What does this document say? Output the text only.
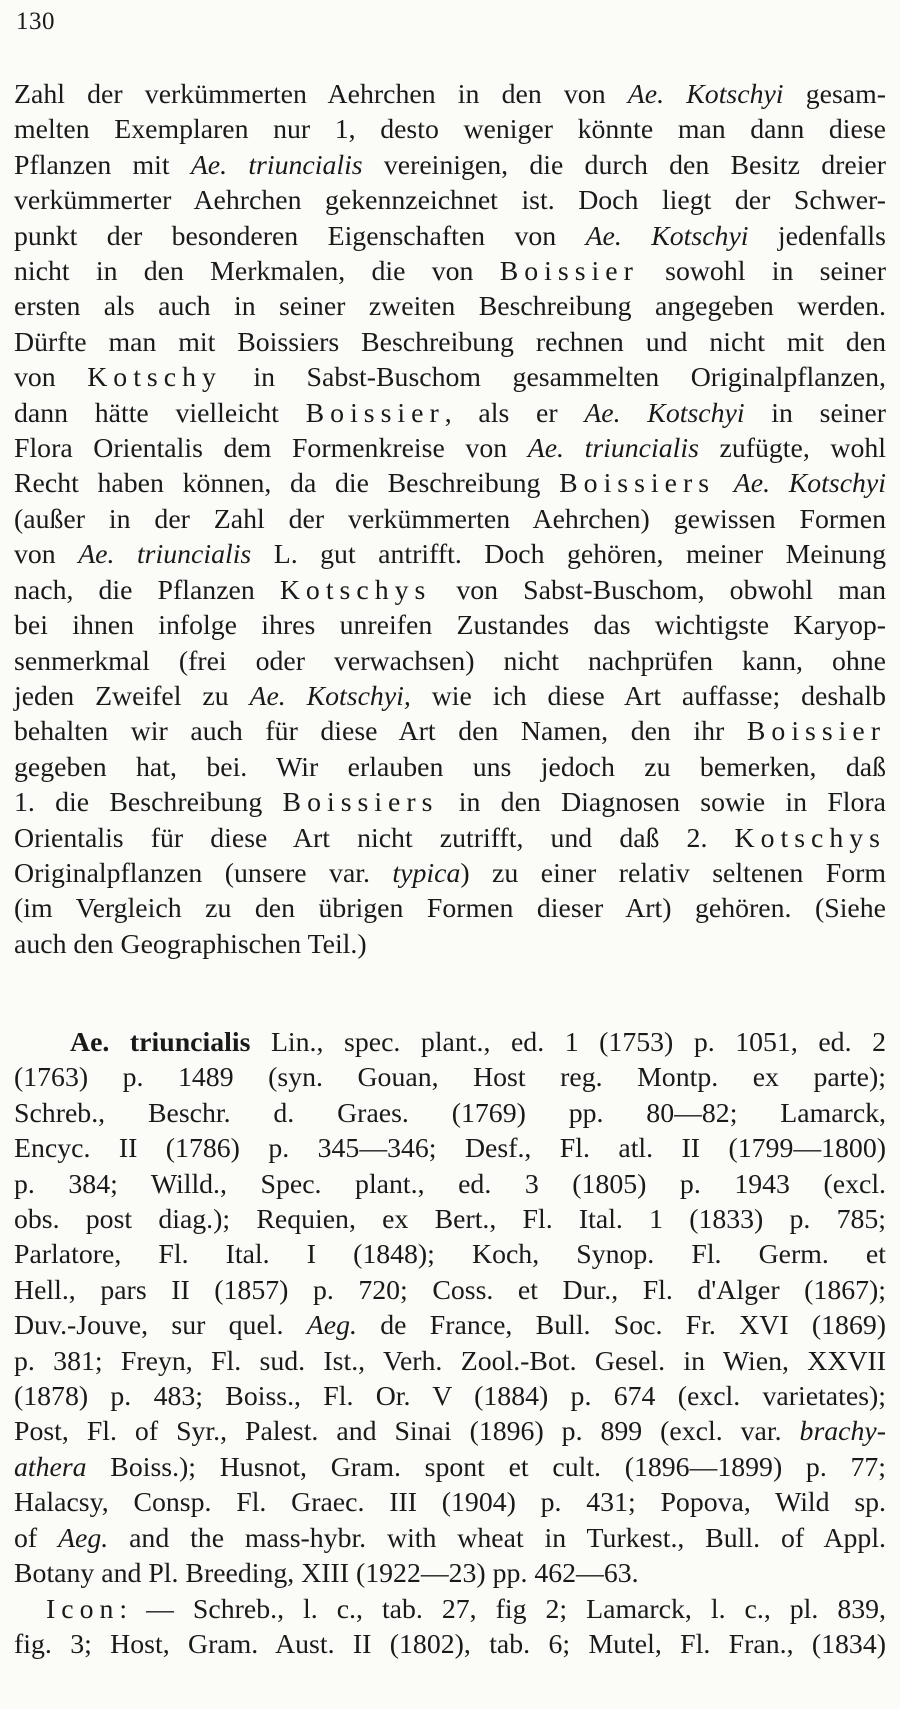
130
Zahl der verkümmerten Aehrchen in den von Ae. Kotschyi gesam-
melten Exemplaren nur 1, desto weniger könnte man dann diese
Pflanzen mit Ae. triuncialis vereinigen, die durch den Besitz dreier
verkümmerter Aehrchen gekennzeichnet ist. Doch liegt der Schwer-
punkt der besonderen Eigenschaften von Ae. Kotschyi jedenfalls
nicht in den Merkmalen, die von Boissier sowohl in seiner
ersten als auch in seiner zweiten Beschreibung angegeben werden.
Dürfte man mit Boissiers Beschreibung rechnen und nicht mit den
von Kotschy in Sabst-Buschom gesammelten Originalpflanzen,
dann hätte vielleicht Boissier, als er Ae. Kotschyi in seiner
Flora Orientalis dem Formenkreise von Ae. triuncialis zufügte, wohl
Recht haben können, da die Beschreibung Boissiers Ae. Kotschyi
(außer in der Zahl der verkümmerten Aehrchen) gewissen Formen
von Ae. triuncialis L. gut antrifft. Doch gehören, meiner Meinung
nach, die Pflanzen Kotschys von Sabst-Buschom, obwohl man
bei ihnen infolge ihres unreifen Zustandes das wichtigste Karyop-
senmerkmal (frei oder verwachsen) nicht nachprüfen kann, ohne
jeden Zweifel zu Ae. Kotschyi, wie ich diese Art auffasse; deshalb
behalten wir auch für diese Art den Namen, den ihr Boissier
gegeben hat, bei. Wir erlauben uns jedoch zu bemerken, daß
1. die Beschreibung Boissiers in den Diagnosen sowie in Flora
Orientalis für diese Art nicht zutrifft, und daß 2. Kotschys
Originalpflanzen (unsere var. typica) zu einer relativ seltenen Form
(im Vergleich zu den übrigen Formen dieser Art) gehören. (Siehe
auch den Geographischen Teil.)
Ae. triuncialis Lin., spec. plant., ed. 1 (1753) p. 1051, ed. 2
(1763) p. 1489 (syn. Gouan, Host reg. Montp. ex parte);
Schreb., Beschr. d. Graes. (1769) pp. 80—82; Lamarck,
Encyc. II (1786) p. 345—346; Desf., Fl. atl. II (1799—1800)
p. 384; Willd., Spec. plant., ed. 3 (1805) p. 1943 (excl.
obs. post diag.); Requien, ex Bert., Fl. Ital. 1 (1833) p. 785;
Parlatore, Fl. Ital. I (1848); Koch, Synop. Fl. Germ. et
Hell., pars II (1857) p. 720; Coss. et Dur., Fl. d'Alger (1867);
Duv.-Jouve, sur quel. Aeg. de France, Bull. Soc. Fr. XVI (1869)
p. 381; Freyn, Fl. sud. Ist., Verh. Zool.-Bot. Gesel. in Wien, XXVII
(1878) p. 483; Boiss., Fl. Or. V (1884) p. 674 (excl. varietates);
Post, Fl. of Syr., Palest. and Sinai (1896) p. 899 (excl. var. brachy-
athera Boiss.); Husnot, Gram. spont et cult. (1896—1899) p. 77;
Halacsy, Consp. Fl. Graec. III (1904) p. 431; Popova, Wild sp.
of Aeg. and the mass-hybr. with wheat in Turkest., Bull. of Appl.
Botany and Pl. Breeding, XIII (1922—23) pp. 462—63.
Icon: — Schreb., l. c., tab. 27, fig 2; Lamarck, l. c., pl. 839,
fig. 3; Host, Gram. Aust. II (1802), tab. 6; Mutel, Fl. Fran., (1834)
